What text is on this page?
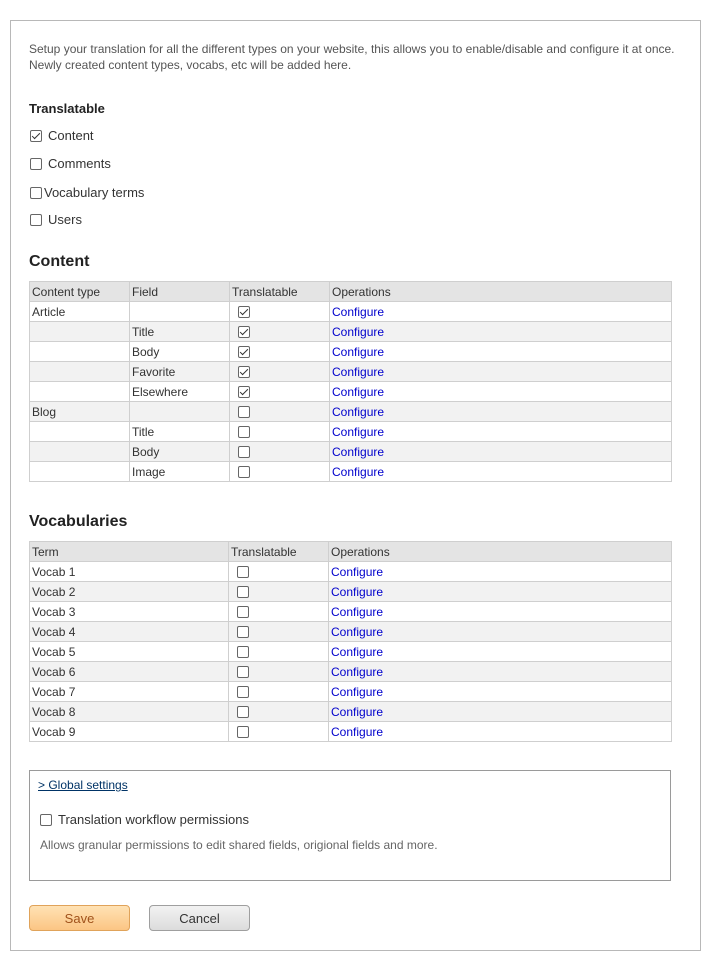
Setup your translation for all the different types on your website, this allows you to enable/disable and configure it at once. Newly created content types, vocabs, etc will be added here.
Translatable
Content
Comments
Vocabulary terms
Users
Content
Content type	Field	Translatable	Operations
Article			Configure
	Title		Configure
	Body		Configure
	Favorite		Configure
	Elsewhere		Configure
Blog			Configure
	Title		Configure
	Body		Configure
	Image		Configure
Vocabularies
Term	Translatable	Operations
Vocab 1		Configure
Vocab 2		Configure
Vocab 3		Configure
Vocab 4		Configure
Vocab 5		Configure
Vocab 6		Configure
Vocab 7		Configure
Vocab 8		Configure
Vocab 9		Configure
> Global settings
Translation workflow permissions
Allows granular permissions to edit shared fields, origional fields and more.
Save	Cancel
